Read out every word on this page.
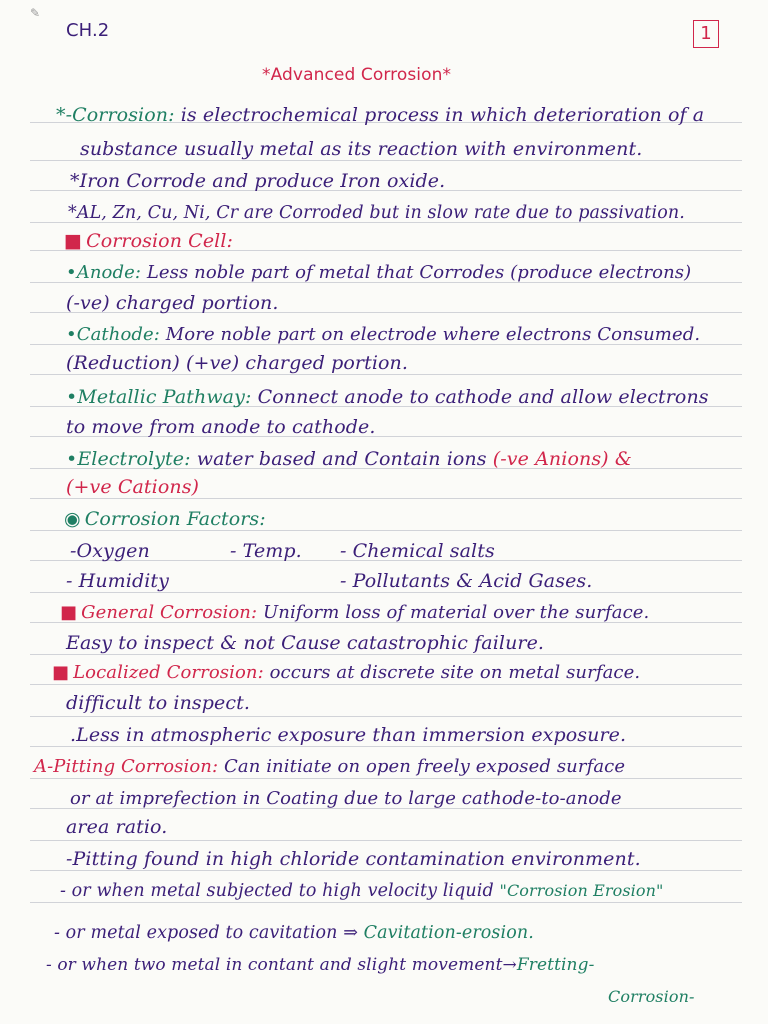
✎
CH.2	1
*Advanced Corrosion*
*-Corrosion: is electrochemical process in which deterioration of a
substance usually metal as its reaction with environment.
*Iron Corrode and produce Iron oxide.
*AL, Zn, Cu, Ni, Cr are Corroded but in slow rate due to passivation.
■ Corrosion Cell:
•Anode: Less noble part of metal that Corrodes (produce electrons)
(-ve) charged portion.
•Cathode: More noble part on electrode where electrons Consumed.
(Reduction) (+ve) charged portion.
•Metallic Pathway: Connect anode to cathode and allow electrons
to move from anode to cathode.
•Electrolyte: water based and Contain ions (-ve Anions) &
(+ve Cations)
◉ Corrosion Factors:
-Oxygen	- Temp. - Chemical salts
- Humidity	- Pollutants & Acid Gases.
■ General Corrosion: Uniform loss of material over the surface.
Easy to inspect & not Cause catastrophic failure.
■ Localized Corrosion: occurs at discrete site on metal surface.
difficult to inspect.
.Less in atmospheric exposure than immersion exposure.
A-Pitting Corrosion: Can initiate on open freely exposed surface
or at imprefection in Coating due to large cathode-to-anode
area ratio.
-Pitting found in high chloride contamination environment.
- or when metal subjected to high velocity liquid "Corrosion Erosion"
- or metal exposed to cavitation ⇒ Cavitation-erosion.
- or when two metal in contant and slight movement→Fretting-
Corrosion-
